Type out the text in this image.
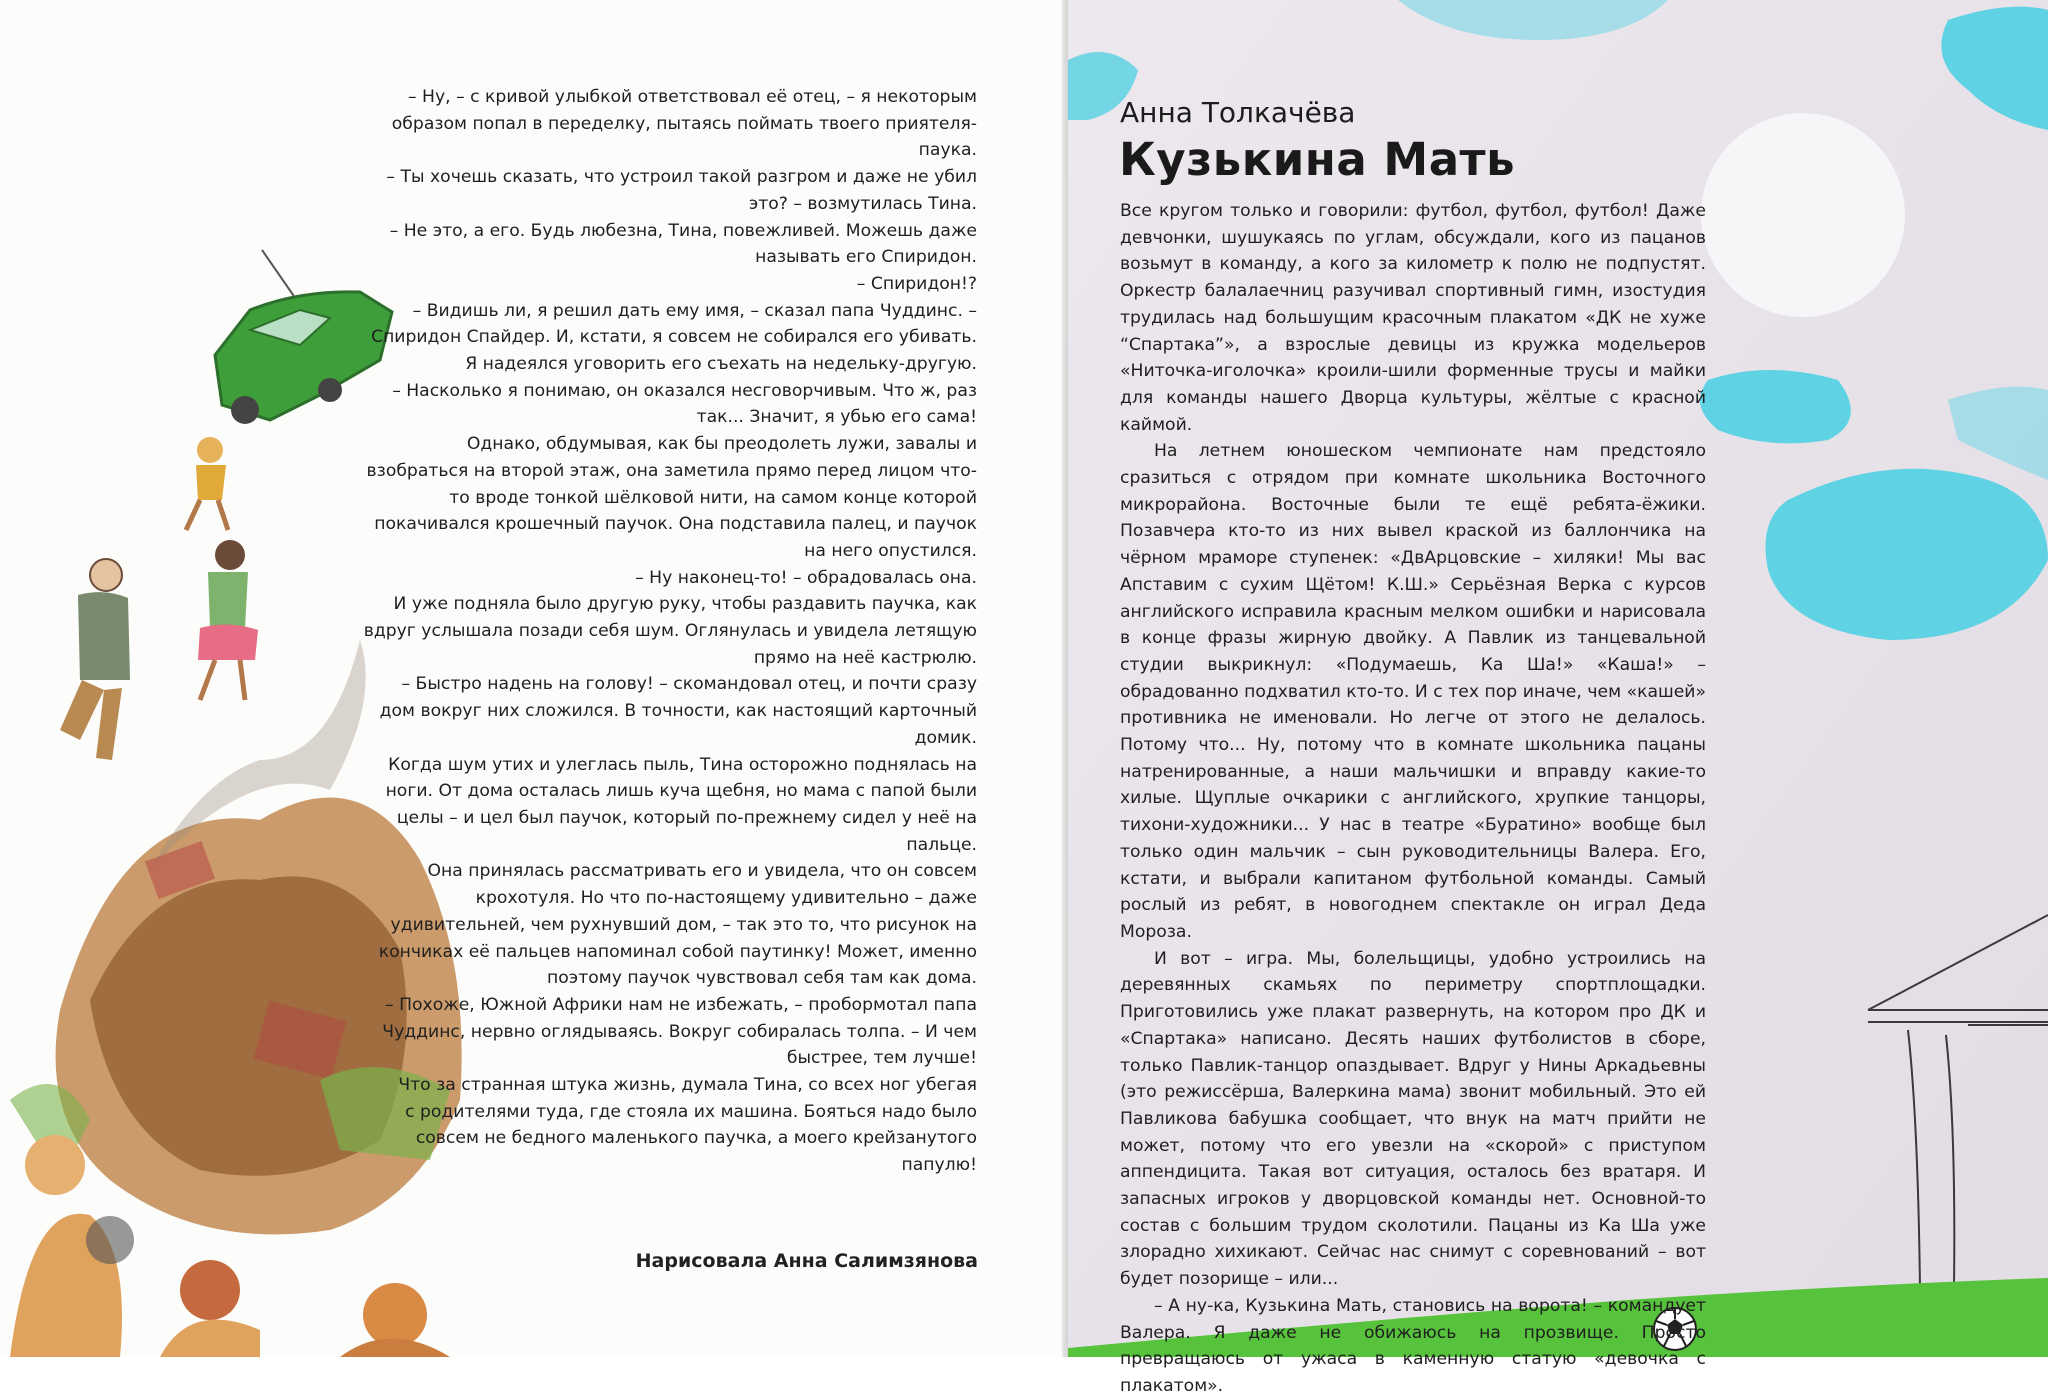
– Ну, – с кривой улыбкой ответствовал её отец, – я некоторым образом попал в переделку, пытаясь поймать твоего приятеля-паука.

– Ты хочешь сказать, что устроил такой разгром и даже не убил это? – возмутилась Тина.

– Не это, а его. Будь любезна, Тина, повежливей. Можешь даже называть его Спиридон.

– Спиридон!?

– Видишь ли, я решил дать ему имя, – сказал папа Чуддинс. – Спиридон Спайдер. И, кстати, я совсем не собирался его убивать. Я надеялся уговорить его съехать на недельку-другую.

– Насколько я понимаю, он оказался несговорчивым. Что ж, раз так... Значит, я убью его сама!

Однако, обдумывая, как бы преодолеть лужи, завалы и взобраться на второй этаж, она заметила прямо перед лицом что-то вроде тонкой шёлковой нити, на самом конце которой покачивался крошечный паучок. Она подставила палец, и паучок на него опустился.

– Ну наконец-то! – обрадовалась она.

И уже подняла было другую руку, чтобы раздавить паучка, как вдруг услышала позади себя шум. Оглянулась и увидела летящую прямо на неё кастрюлю.

– Быстро надень на голову! – скомандовал отец, и почти сразу дом вокруг них сложился. В точности, как настоящий карточный домик.

Когда шум утих и улеглась пыль, Тина осторожно поднялась на ноги. От дома осталась лишь куча щебня, но мама с папой были целы – и цел был паучок, который по-прежнему сидел у неё на пальце.

Она принялась рассматривать его и увидела, что он совсем крохотуля. Но что по-настоящему удивительно – даже удивительней, чем рухнувший дом, – так это то, что рисунок на кончиках её пальцев напоминал собой паутинку! Может, именно поэтому паучок чувствовал себя там как дома.

– Похоже, Южной Африки нам не избежать, – пробормотал папа Чуддинс, нервно оглядываясь. Вокруг собиралась толпа. – И чем быстрее, тем лучше!

Что за странная штука жизнь, думала Тина, со всех ног убегая с родителями туда, где стояла их машина. Бояться надо было совсем не бедного маленького паучка, а моего крейзанутого папулю!

Нарисовала Анна Салимзянова
Анна Толкачёва
Кузькина Мать

Все кругом только и говорили: футбол, футбол, футбол! Даже девчонки, шушукаясь по углам, обсуждали, кого из пацанов возьмут в команду, а кого за километр к полю не подпустят. Оркестр балалаечниц разучивал спортивный гимн, изостудия трудилась над большущим красочным плакатом «ДК не хуже “Спартака”», а взрослые девицы из кружка модельеров «Ниточка-иголочка» кроили-шили форменные трусы и майки для команды нашего Дворца культуры, жёлтые с красной каймой.

На летнем юношеском чемпионате нам предстояло сразиться с отрядом при комнате школьника Восточного микрорайона. Восточные были те ещё ребята-ёжики. Позавчера кто-то из них вывел краской из баллончика на чёрном мраморе ступенек: «ДвАрцовские – хиляки! Мы вас Апставим с сухим Щётом! К.Ш.» Серьёзная Верка с курсов английского исправила красным мелком ошибки и нарисовала в конце фразы жирную двойку. А Павлик из танцевальной студии выкрикнул: «Подумаешь, Ка Ша!» «Каша!» – обрадованно подхватил кто-то. И с тех пор иначе, чем «кашей» противника не именовали. Но легче от этого не делалось. Потому что... Ну, потому что в комнате школьника пацаны натренированные, а наши мальчишки и вправду какие-то хилые. Щуплые очкарики с английского, хрупкие танцоры, тихони-художники... У нас в театре «Буратино» вообще был только один мальчик – сын руководительницы Валера. Его, кстати, и выбрали капитаном футбольной команды. Самый рослый из ребят, в новогоднем спектакле он играл Деда Мороза.

И вот – игра. Мы, болельщицы, удобно устроились на деревянных скамьях по периметру спортплощадки. Приготовились уже плакат развернуть, на котором про ДК и «Спартака» написано. Десять наших футболистов в сборе, только Павлик-танцор опаздывает. Вдруг у Нины Аркадьевны (это режиссёрша, Валеркина мама) звонит мобильный. Это ей Павликова бабушка сообщает, что внук на матч прийти не может, потому что его увезли на «скорой» с приступом аппендицита. Такая вот ситуация, осталось без вратаря. И запасных игроков у дворцовской команды нет. Основной-то состав с большим трудом сколотили. Пацаны из Ка Ша уже злорадно хихикают. Сейчас нас снимут с соревнований – вот будет позорище – или...

– А ну-ка, Кузькина Мать, становись на ворота! – командует Валера. Я даже не обижаюсь на прозвище. Просто превращаюсь от ужаса в каменную статую «девочка с плакатом».
